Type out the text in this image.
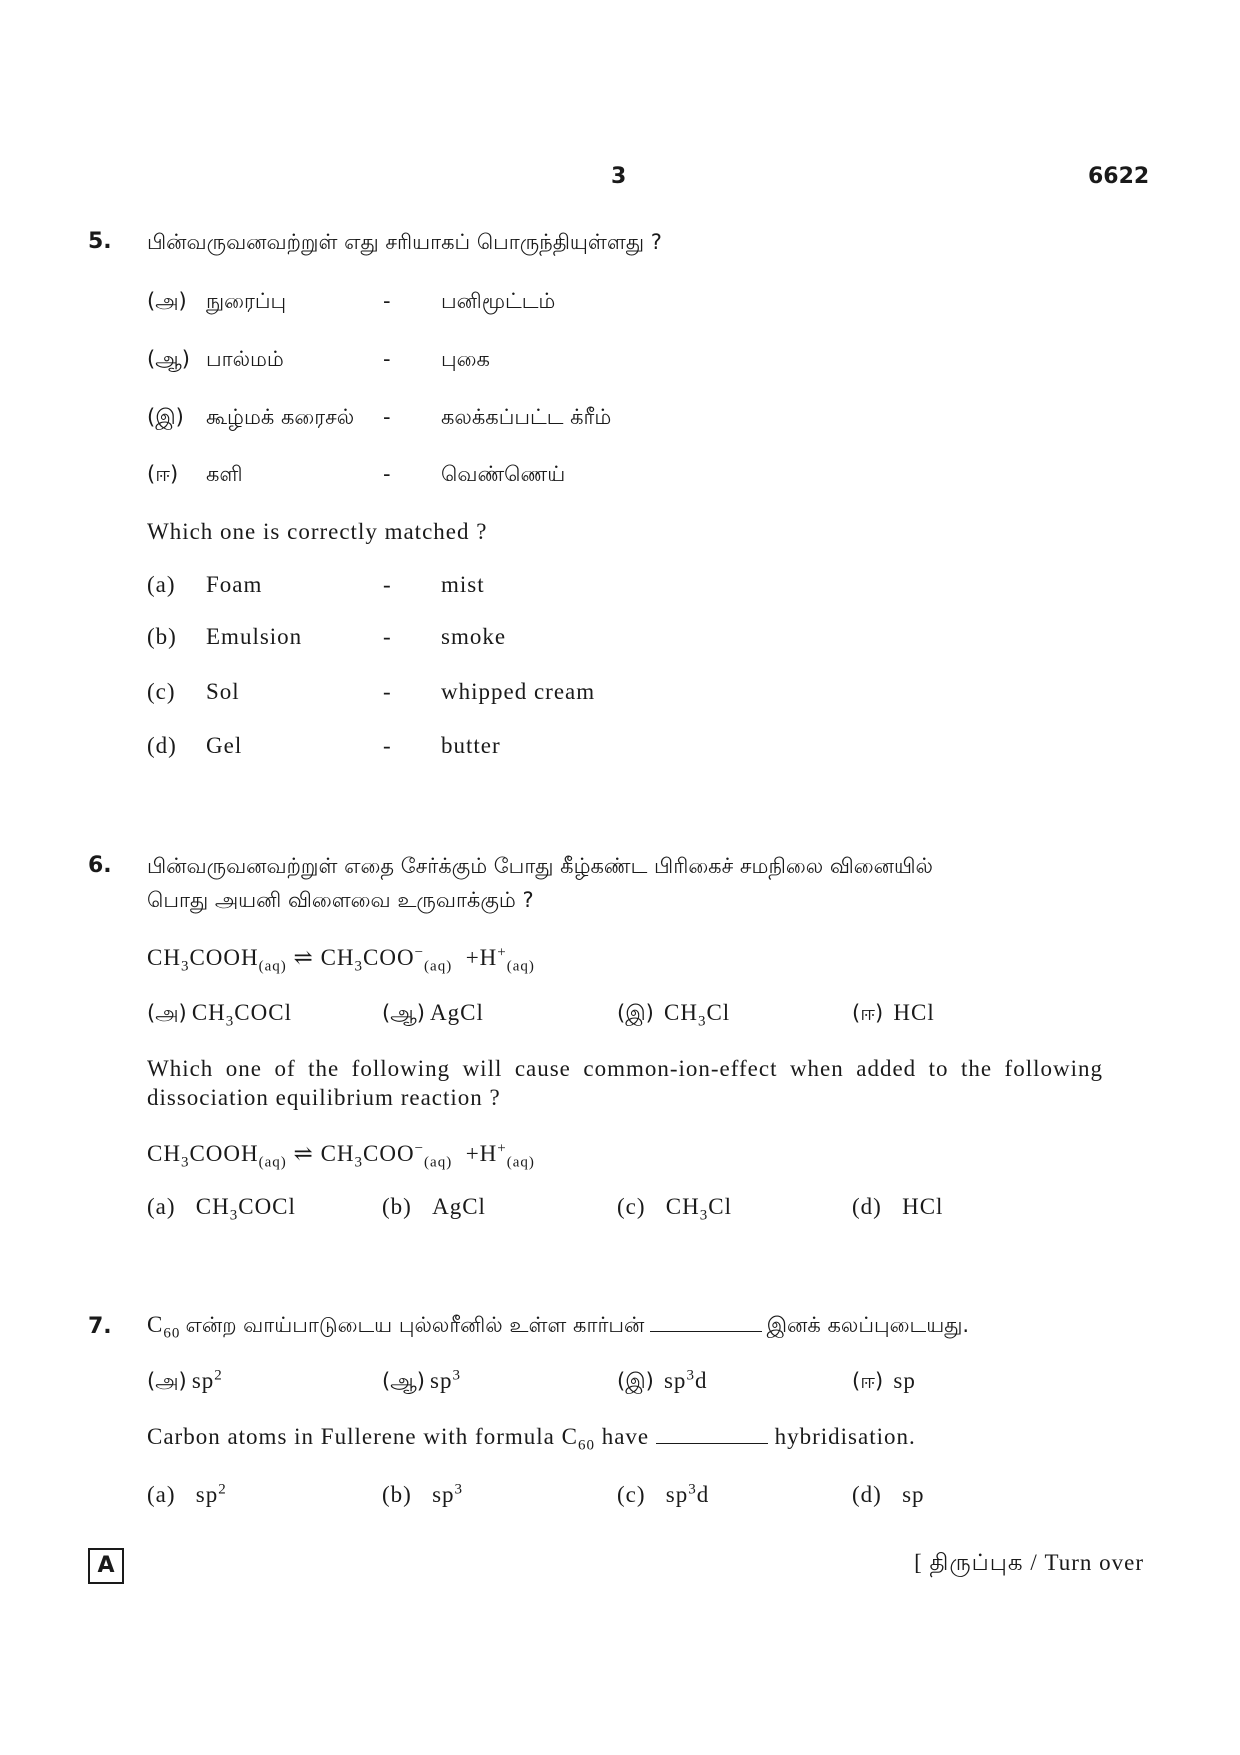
3	6622
5. பின்வருவனவற்றுள் எது சரியாகப் பொருந்தியுள்ளது ?
(அ) நுரைப்பு	- பனிமூட்டம்
(ஆ) பால்மம்	- புகை
(இ) கூழ்மக் கரைசல் - கலக்கப்பட்ட க்ரீம்
(ஈ) களி	- வெண்ணெய்
Which one is correctly matched ?
(a) Foam	- mist
(b) Emulsion	- smoke
(c) Sol	- whipped cream
(d) Gel	- butter
6. பின்வருவனவற்றுள் எதை சேர்க்கும் போது கீழ்கண்ட பிரிகைச் சமநிலை வினையில்
பொது அயனி விளைவை உருவாக்கும் ?
$CH_3COOH_{(aq)}$ ⇌ $CH_3COO^-_{(aq)} +H^+_{(aq)}$
(அ) $CH_3COCl$	(ஆ) AgCl	(இ) $CH_3Cl$	(ஈ) HCl
Which one of the following will cause common-ion-effect when added to the following dissociation equilibrium reaction ?
$CH_3COOH_{(aq)}$ ⇌ $CH_3COO^-_{(aq)} +H^+_{(aq)}$
(a) $CH_3COCl$	(b) AgCl	(c) $CH_3Cl$	(d) HCl
7. $C_{60}$ என்ற வாய்பாடுடைய புல்லரீனில் உள்ள கார்பன்	இனக் கலப்புடையது.
(அ) $sp^2$	(ஆ) $sp^3$	(இ) $sp^3d$	(ஈ) sp
Carbon atoms in Fullerene with formula $C_{60}$ have	hybridisation.
(a) $sp^2$	(b) $sp^3$	(c) $sp^3d$	(d) sp
A	[ திருப்புக / Turn over
